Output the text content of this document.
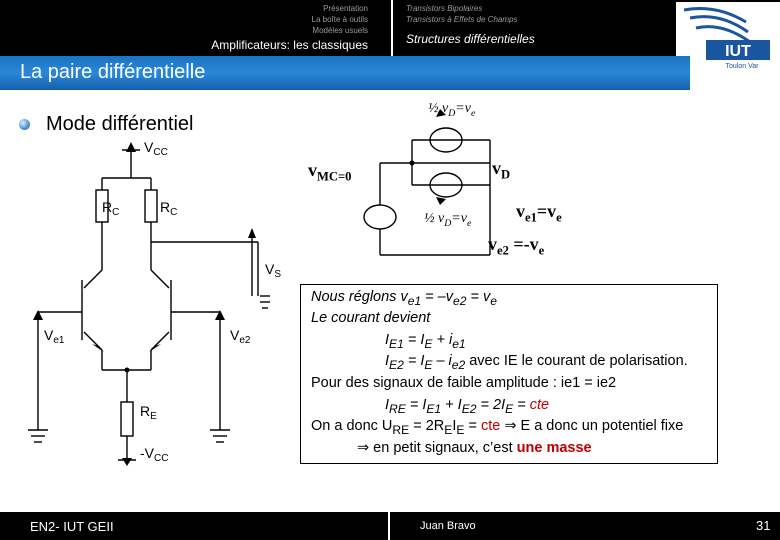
Présentation
La boîte à outils
Modèles usuels
Amplificateurs: les classiques
Transistors Bipolaires
Transistors à Effets de Champs
Structures différentielles
IUT
Toulon Var
La paire différentielle
Mode différentiel
$V_{CC}$
$R_C$	$R_C$
$V_S$
$V_{e1}$	$V_{e2}$
$R_E$
$-V_{CC}$
½ $v_D=v_e$
$v_{MC=0}$	$v_D$
½ $v_D=v_e$
$v_{e1}=v_e$
$v_{e2} =-v_e$
Nous réglons $v_{e1} = -v_{e2} = v_e$
Le courant devient
$I_{E1} = I_E + i_{e1}$
$I_{E2} = I_E - i_{e2}$ avec IE le courant de polarisation.
Pour des signaux de faible amplitude : ie1 = ie2
$I_{RE} = I_{E1} + I_{E2} = 2I_E$ = cte
On a donc $U_{RE} = 2R_EI_E$ = cte ⇒ E a donc un potentiel fixe
⇒ en petit signaux, c’est une masse
EN2- IUT GEII	Juan Bravo	31
